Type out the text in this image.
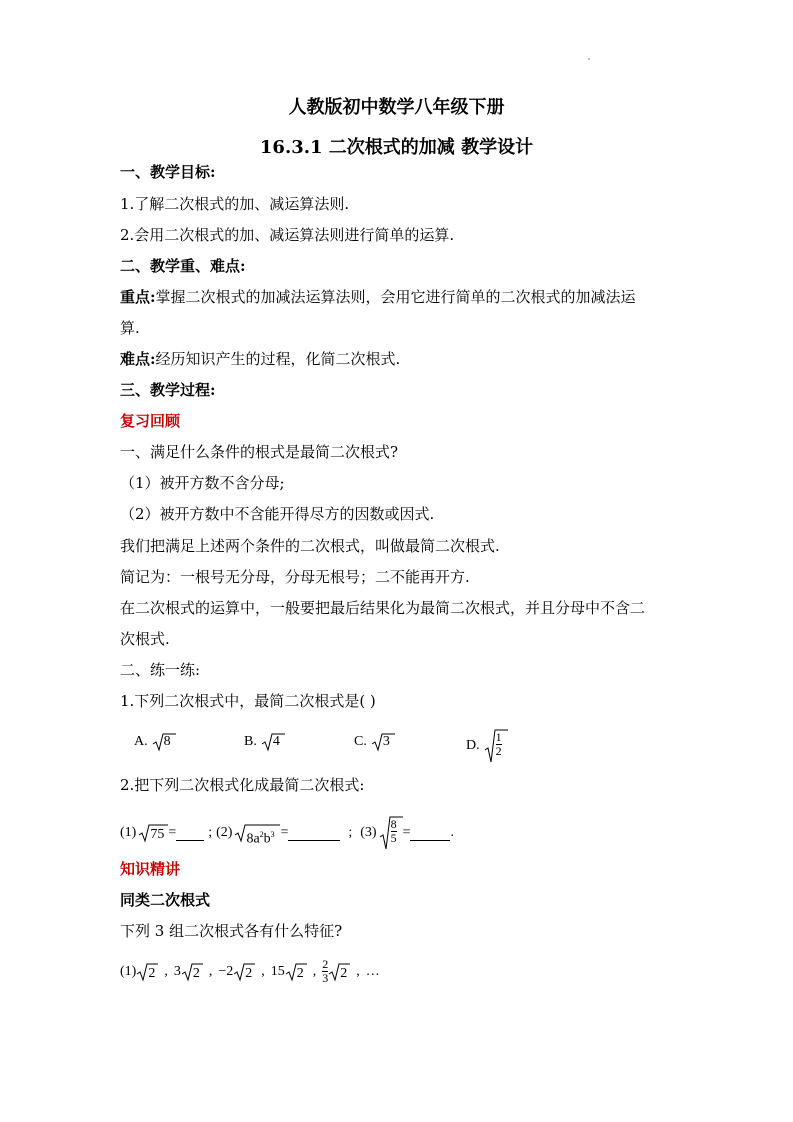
人教版初中数学八年级下册
16.3.1 二次根式的加减 教学设计
一、教学目标:
1.了解二次根式的加、减运算法则.
2.会用二次根式的加、减运算法则进行简单的运算.
二、教学重、难点:
重点:掌握二次根式的加减法运算法则，会用它进行简单的二次根式的加减法运
算.
难点:经历知识产生的过程，化简二次根式.
三、教学过程:
复习回顾
一、满足什么条件的根式是最简二次根式?
（1）被开方数不含分母;
（2）被开方数中不含能开得尽方的因数或因式.
我们把满足上述两个条件的二次根式，叫做最简二次根式.
简记为：一根号无分母，分母无根号；二不能再开方.
在二次根式的运算中，一般要把最后结果化为最简二次根式，并且分母中不含二
次根式.
二、练一练:
1.下列二次根式中，最简二次根式是( )
A. 8	B. 4	C. 3	D.
1
2
2.把下列二次根式化成最简二次根式:
(1) 75 = ; (2) $8a^2b^3$ =	; (3)
8
5 =	.
知识精讲
同类二次根式
下列 3 组二次根式各有什么特征?
(1) 2 , 3 2 , −2 2 , 15 2 , $\frac{2}{3} 2$ , …
